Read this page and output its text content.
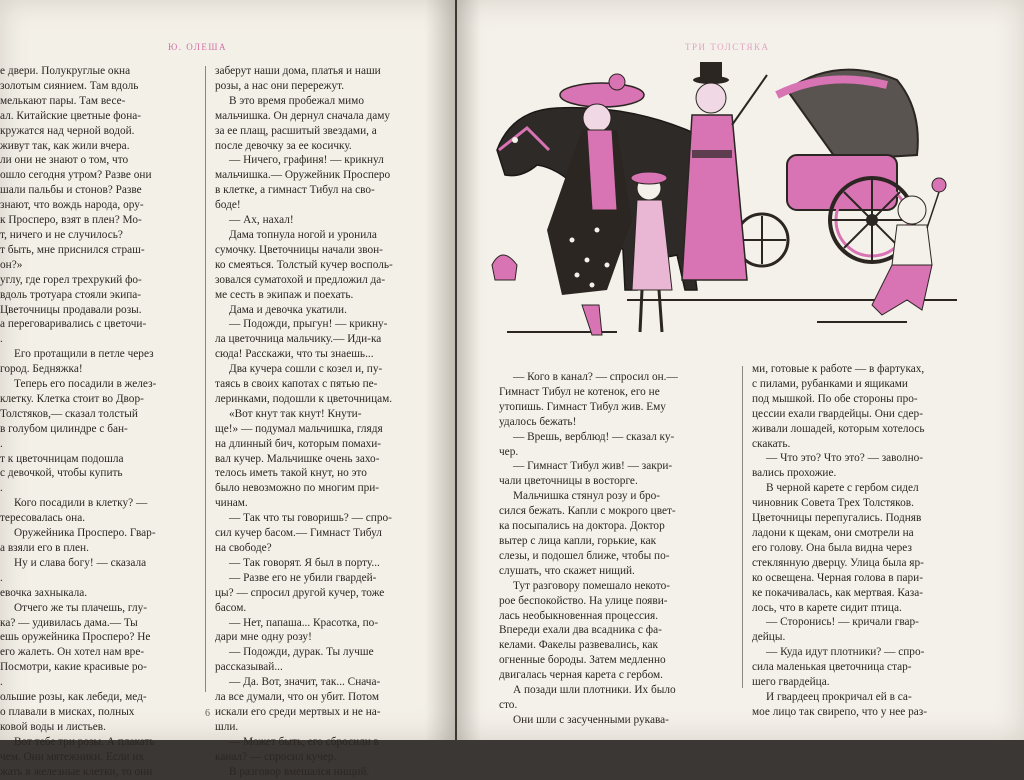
Ю. ОЛЕША

е двери. Полукруглые окна

золотым сиянием. Там вдоль

мелькают пары. Там весе-

ал. Китайские цветные фона-

кружатся над черной водой.

живут так, как жили вчера.

ли они не знают о том, что

ошло сегодня утром? Разве они

шали пальбы и стонов? Разве

знают, что вождь народа, ору-

к Просперо, взят в плен? Мо-

т, ничего и не случилось?

т быть, мне приснился страш-

он?»

углу, где горел трехрукий фо-

вдоль тротуара стояли экипа-

Цветочницы продавали розы.

а переговаривались с цветочи-

.

Его протащили в петле через

город. Бедняжка!

Теперь его посадили в желез-

клетку. Клетка стоит во Двор-

Толстяков,— сказал толстый

в голубом цилиндре с бан-

.

т к цветочницам подошла

с девочкой, чтобы купить

.

Кого посадили в клетку? —

тересовалась она.

Оружейника Просперо. Гвар-

а взяли его в плен.

Ну и слава богу! — сказала

.

евочка захныкала.

Отчего же ты плачешь, глу-

ка? — удивилась дама.— Ты

ешь оружейника Просперо? Не

его жалеть. Он хотел нам вре-

Посмотри, какие красивые ро-

.

ольшие розы, как лебеди, мед-

о плавали в мисках, полных

ковой воды и листьев.

Вот тебе три розы. А плакать

чем. Они мятежники. Если их

жать в железные клетки, то они

заберут наши дома, платья и наши

розы, а нас они перережут.

В это время пробежал мимо

мальчишка. Он дернул сначала даму

за ее плащ, расшитый звездами, а

после девочку за ее косичку.

— Ничего, графиня! — крикнул

мальчишка.— Оружейник Просперо

в клетке, а гимнаст Тибул на сво-

боде!

— Ах, нахал!

Дама топнула ногой и уронила

сумочку. Цветочницы начали звон-

ко смеяться. Толстый кучер восполь-

зовался суматохой и предложил да-

ме сесть в экипаж и поехать.

Дама и девочка укатили.

— Подожди, прыгун! — крикну-

ла цветочница мальчику.— Иди-ка

сюда! Расскажи, что ты знаешь...

Два кучера сошли с козел и, пу-

таясь в своих капотах с пятью пе-

леринками, подошли к цветочницам.

«Вот кнут так кнут! Кнути-

ще!» — подумал мальчишка, глядя

на длинный бич, которым помахи-

вал кучер. Мальчишке очень захо-

телось иметь такой кнут, но это

было невозможно по многим при-

чинам.

— Так что ты говоришь? — спро-

сил кучер басом.— Гимнаст Тибул

на свободе?

— Так говорят. Я был в порту...

— Разве его не убили гвардей-

цы? — спросил другой кучер, тоже

басом.

— Нет, папаша... Красотка, по-

дари мне одну розу!

— Подожди, дурак. Ты лучше

рассказывай...

— Да. Вот, значит, так... Снача-

ла все думали, что он убит. Потом

искали его среди мертвых и не на-

шли.

— Может быть, его сбросили в

канал? — спросил кучер.

В разговор вмешался нищий.

6
ТРИ ТОЛСТЯКА

— Кого в канал? — спросил он.—

Гимнаст Тибул не котенок, его не

утопишь. Гимнаст Тибул жив. Ему

удалось бежать!

— Врешь, верблюд! — сказал ку-

чер.

— Гимнаст Тибул жив! — закри-

чали цветочницы в восторге.

Мальчишка стянул розу и бро-

сился бежать. Капли с мокрого цвет-

ка посыпались на доктора. Доктор

вытер с лица капли, горькие, как

слезы, и подошел ближе, чтобы по-

слушать, что скажет нищий.

Тут разговору помешало некото-

рое беспокойство. На улице появи-

лась необыкновенная процессия.

Впереди ехали два всадника с фа-

келами. Факелы развевались, как

огненные бороды. Затем медленно

двигалась черная карета с гербом.

А позади шли плотники. Их было

сто.

Они шли с засученными рукава-

ми, готовые к работе — в фартуках,

с пилами, рубанками и ящиками

под мышкой. По обе стороны про-

цессии ехали гвардейцы. Они сдер-

живали лошадей, которым хотелось

скакать.

— Что это? Что это? — заволно-

вались прохожие.

В черной карете с гербом сидел

чиновник Совета Трех Толстяков.

Цветочницы перепугались. Подняв

ладони к щекам, они смотрели на

его голову. Она была видна через

стеклянную дверцу. Улица была яр-

ко освещена. Черная голова в пари-

ке покачивалась, как мертвая. Каза-

лось, что в карете сидит птица.

— Сторонись! — кричали гвар-

дейцы.

— Куда идут плотники? — спро-

сила маленькая цветочница стар-

шего гвардейца.

И гвардеец прокричал ей в са-

мое лицо так свирепо, что у нее раз-
